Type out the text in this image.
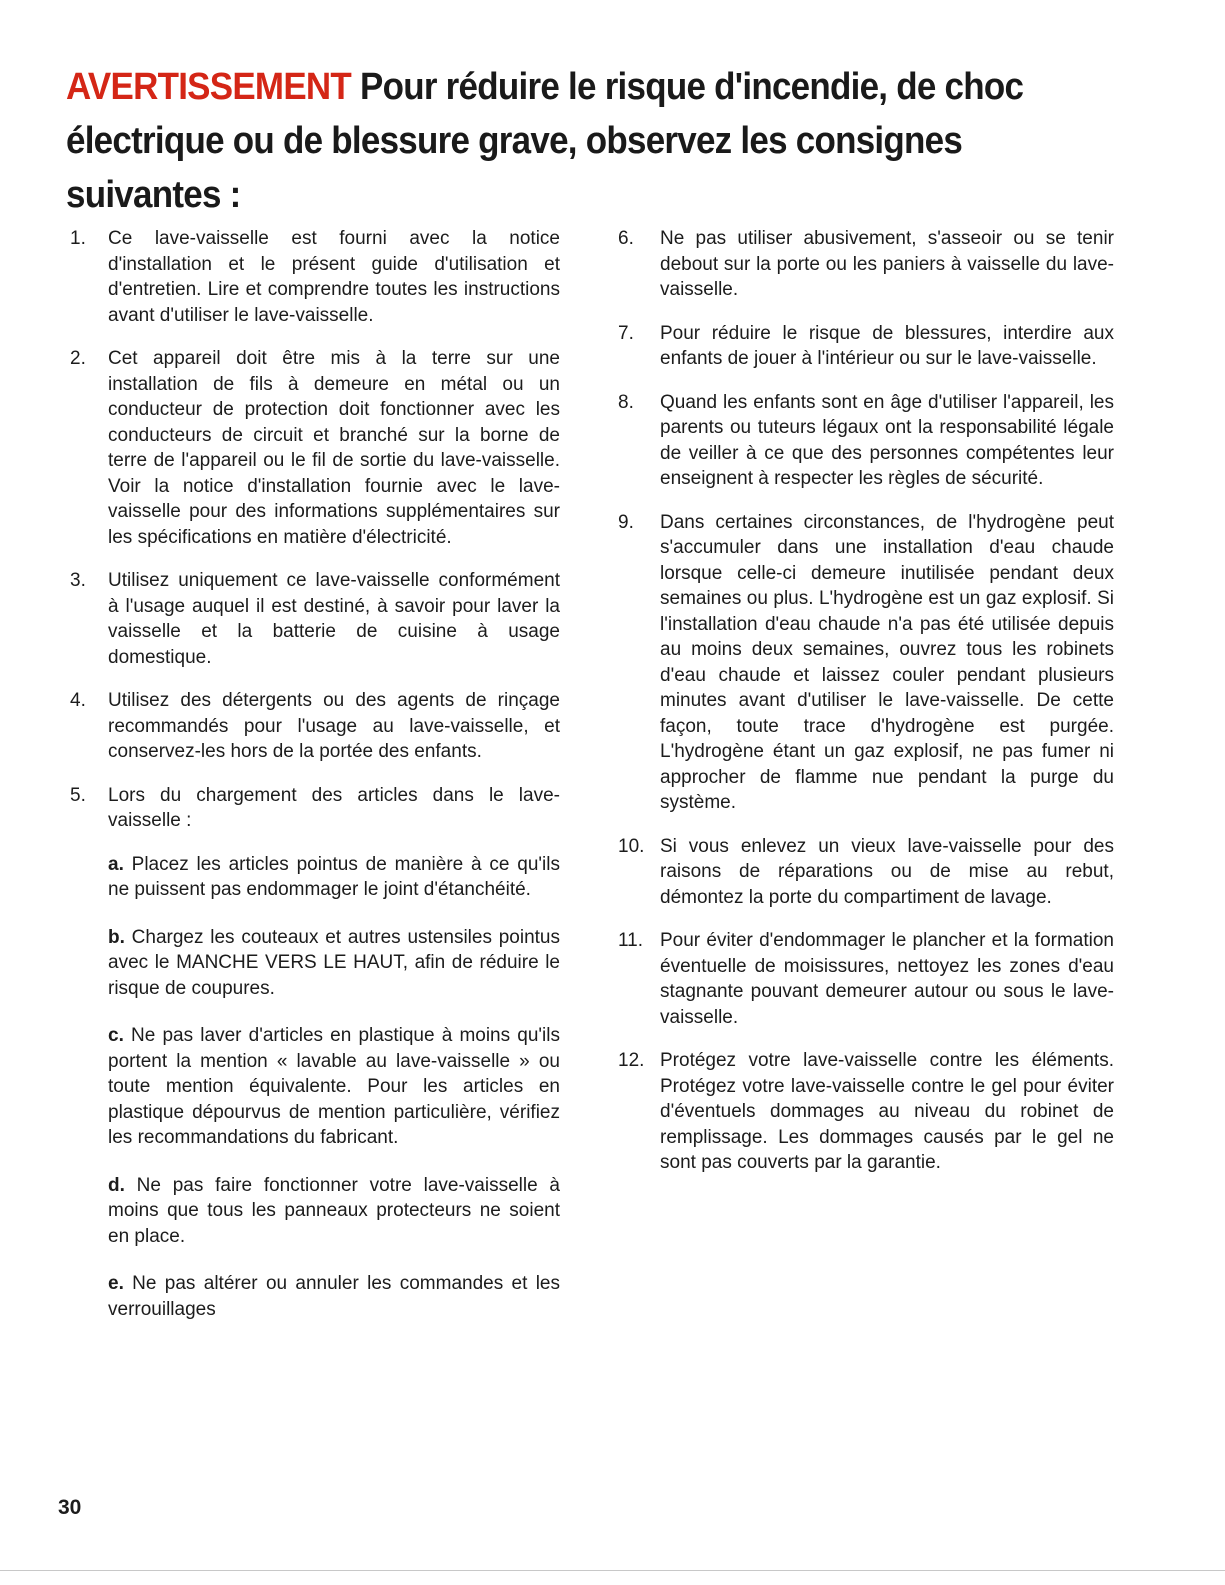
AVERTISSEMENT Pour réduire le risque d'incendie, de choc électrique ou de blessure grave, observez les consignes suivantes :
1. Ce lave-vaisselle est fourni avec la notice d'installation et le présent guide d'utilisation et d'entretien. Lire et comprendre toutes les instructions avant d'utiliser le lave-vaisselle.

2. Cet appareil doit être mis à la terre sur une installation de fils à demeure en métal ou un conducteur de protection doit fonctionner avec les conducteurs de circuit et branché sur la borne de terre de l'appareil ou le fil de sortie du lave-vaisselle. Voir la notice d'installation fournie avec le lave-vaisselle pour des informations supplémentaires sur les spécifications en matière d'électricité.

3. Utilisez uniquement ce lave-vaisselle conformément à l'usage auquel il est destiné, à savoir pour laver la vaisselle et la batterie de cuisine à usage domestique.

4. Utilisez des détergents ou des agents de rinçage recommandés pour l'usage au lave-vaisselle, et conservez-les hors de la portée des enfants.

5. Lors du chargement des articles dans le lave-vaisselle :

a. Placez les articles pointus de manière à ce qu'ils ne puissent pas endommager le joint d'étanchéité.

b. Chargez les couteaux et autres ustensiles pointus avec le MANCHE VERS LE HAUT, afin de réduire le risque de coupures.

c. Ne pas laver d'articles en plastique à moins qu'ils portent la mention « lavable au lave-vaisselle » ou toute mention équivalente. Pour les articles en plastique dépourvus de mention particulière, vérifiez les recommandations du fabricant.

d. Ne pas faire fonctionner votre lave-vaisselle à moins que tous les panneaux protecteurs ne soient en place.

e. Ne pas altérer ou annuler les commandes et les verrouillages

6. Ne pas utiliser abusivement, s'asseoir ou se tenir debout sur la porte ou les paniers à vaisselle du lave-vaisselle.

7. Pour réduire le risque de blessures, interdire aux enfants de jouer à l'intérieur ou sur le lave-vaisselle.

8. Quand les enfants sont en âge d'utiliser l'appareil, les parents ou tuteurs légaux ont la responsabilité légale de veiller à ce que des personnes compétentes leur enseignent à respecter les règles de sécurité.

9. Dans certaines circonstances, de l'hydrogène peut s'accumuler dans une installation d'eau chaude lorsque celle-ci demeure inutilisée pendant deux semaines ou plus. L'hydrogène est un gaz explosif. Si l'installation d'eau chaude n'a pas été utilisée depuis au moins deux semaines, ouvrez tous les robinets d'eau chaude et laissez couler pendant plusieurs minutes avant d'utiliser le lave-vaisselle. De cette façon, toute trace d'hydrogène est purgée. L'hydrogène étant un gaz explosif, ne pas fumer ni approcher de flamme nue pendant la purge du système.

10. Si vous enlevez un vieux lave-vaisselle pour des raisons de réparations ou de mise au rebut, démontez la porte du compartiment de lavage.

11. Pour éviter d'endommager le plancher et la formation éventuelle de moisissures, nettoyez les zones d'eau stagnante pouvant demeurer autour ou sous le lave-vaisselle.

12. Protégez votre lave-vaisselle contre les éléments. Protégez votre lave-vaisselle contre le gel pour éviter d'éventuels dommages au niveau du robinet de remplissage. Les dommages causés par le gel ne sont pas couverts par la garantie.

30
